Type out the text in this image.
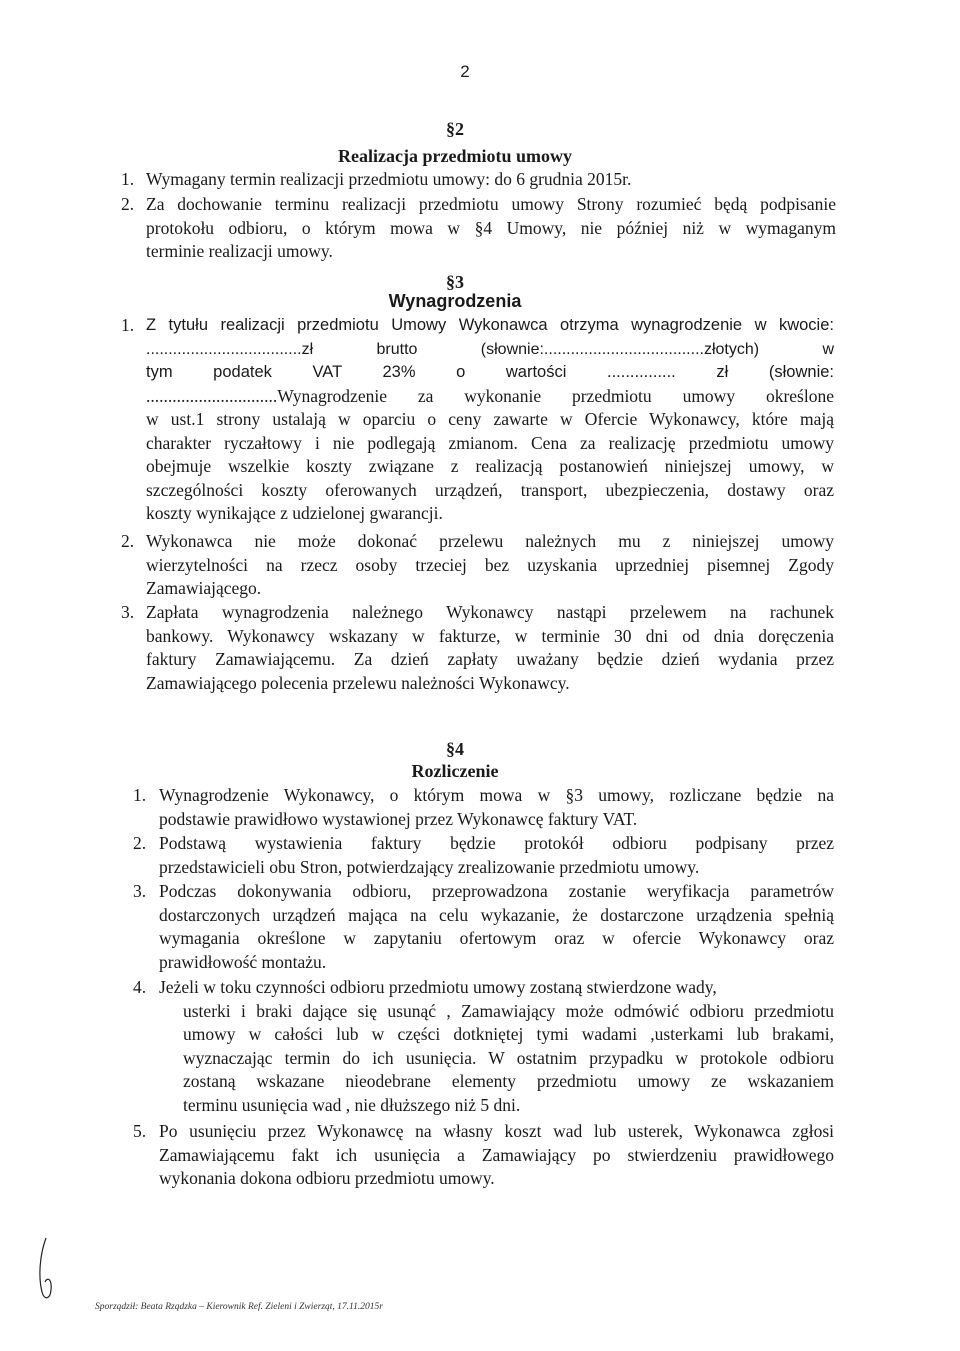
2
§2
Realizacja przedmiotu umowy
1. Wymagany termin realizacji przedmiotu umowy: do 6 grudnia 2015r.
2. Za dochowanie terminu realizacji przedmiotu umowy Strony rozumieć będą podpisanie
protokołu odbioru, o którym mowa w §4 Umowy, nie później niż w wymaganym
terminie realizacji umowy.
§3
Wynagrodzenia
1. Z tytułu realizacji przedmiotu Umowy Wykonawca otrzyma wynagrodzenie w kwocie:
...................................zł brutto (słownie:....................................złotych) w
tym podatek VAT 23% o wartości ............... zł (słownie:
..............................Wynagrodzenie za wykonanie przedmiotu umowy określone
w ust.1 strony ustalają w oparciu o ceny zawarte w Ofercie Wykonawcy, które mają
charakter ryczałtowy i nie podlegają zmianom. Cena za realizację przedmiotu umowy
obejmuje wszelkie koszty związane z realizacją postanowień niniejszej umowy, w
szczególności koszty oferowanych urządzeń, transport, ubezpieczenia, dostawy oraz
koszty wynikające z udzielonej gwarancji.
2. Wykonawca nie może dokonać przelewu należnych mu z niniejszej umowy
wierzytelności na rzecz osoby trzeciej bez uzyskania uprzedniej pisemnej Zgody
Zamawiającego.
3. Zapłata wynagrodzenia należnego Wykonawcy nastąpi przelewem na rachunek
bankowy. Wykonawcy wskazany w fakturze, w terminie 30 dni od dnia doręczenia
faktury Zamawiającemu. Za dzień zapłaty uważany będzie dzień wydania przez
Zamawiającego polecenia przelewu należności Wykonawcy.
§4
Rozliczenie
1. Wynagrodzenie Wykonawcy, o którym mowa w §3 umowy, rozliczane będzie na
podstawie prawidłowo wystawionej przez Wykonawcę faktury VAT.
2. Podstawą wystawienia faktury będzie protokół odbioru podpisany przez
przedstawicieli obu Stron, potwierdzający zrealizowanie przedmiotu umowy.
3. Podczas dokonywania odbioru, przeprowadzona zostanie weryfikacja parametrów
dostarczonych urządzeń mająca na celu wykazanie, że dostarczone urządzenia spełnią
wymagania określone w zapytaniu ofertowym oraz w ofercie Wykonawcy oraz
prawidłowość montażu.
4. Jeżeli w toku czynności odbioru przedmiotu umowy zostaną stwierdzone wady,
usterki i braki dające się usunąć , Zamawiający może odmówić odbioru przedmiotu
umowy w całości lub w części dotkniętej tymi wadami ,usterkami lub brakami,
wyznaczając termin do ich usunięcia. W ostatnim przypadku w protokole odbioru
zostaną wskazane nieodebrane elementy przedmiotu umowy ze wskazaniem
terminu usunięcia wad , nie dłuższego niż 5 dni.
5. Po usunięciu przez Wykonawcę na własny koszt wad lub usterek, Wykonawca zgłosi
Zamawiającemu fakt ich usunięcia a Zamawiający po stwierdzeniu prawidłowego
wykonania dokona odbioru przedmiotu umowy.
Sporządził: Beata Rządzka – Kierownik Ref. Zieleni i Zwierząt, 17.11.2015r
